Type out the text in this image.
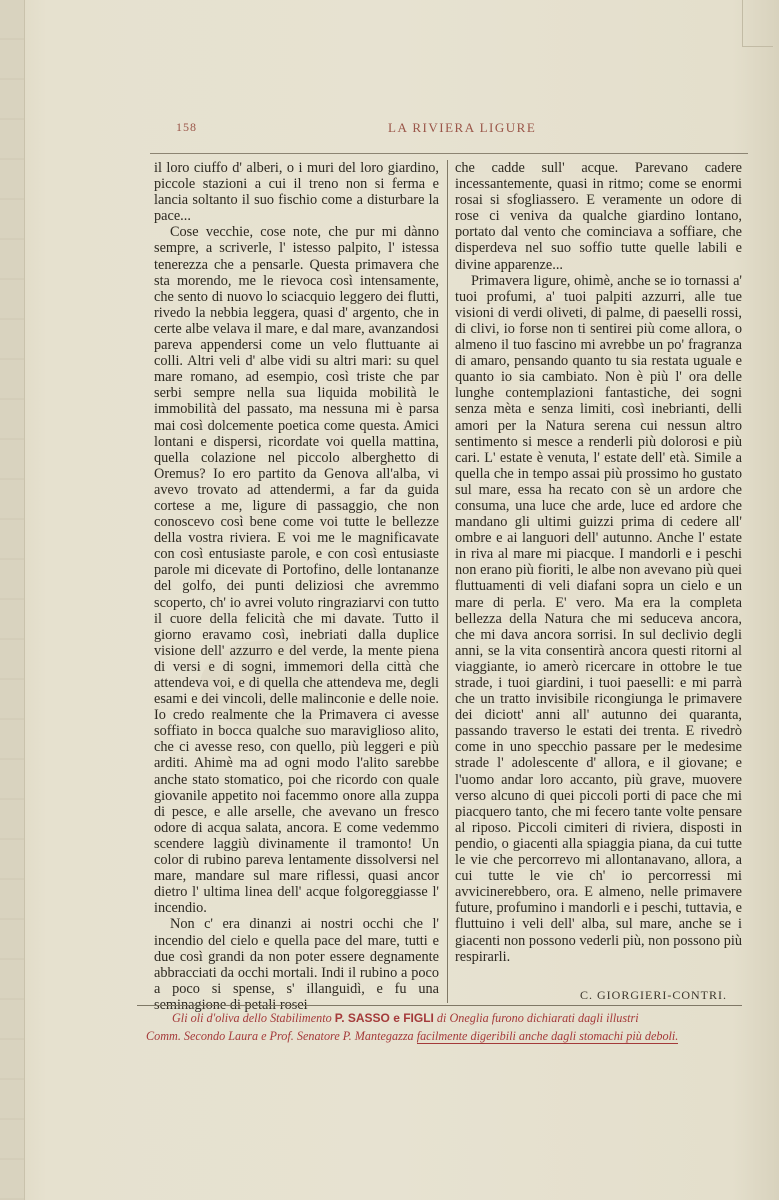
158	LA RIVIERA LIGURE

il loro ciuffo d' alberi, o i muri del loro giardino, piccole stazioni a cui il treno non si ferma e lancia soltanto il suo fischio come a disturbare la pace...

Cose vecchie, cose note, che pur mi dànno sempre, a scriverle, l' istesso palpito, l' istessa tenerezza che a pensarle. Questa primavera che sta morendo, me le rievoca così intensamente, che sento di nuovo lo sciacquio leggero dei flutti, rivedo la nebbia leggera, quasi d' argento, che in certe albe velava il mare, e dal mare, avanzandosi pareva appendersi come un velo fluttuante ai colli. Altri veli d' albe vidi su altri mari: su quel mare romano, ad esempio, così triste che par serbi sempre nella sua liquida mobilità le immobilità del passato, ma nessuna mi è parsa mai così dolcemente poetica come questa. Amici lontani e dispersi, ricordate voi quella mattina, quella colazione nel piccolo alberghetto di Oremus? Io ero partito da Genova all'alba, vi avevo trovato ad attendermi, a far da guida cortese a me, ligure di passaggio, che non conoscevo così bene come voi tutte le bellezze della vostra riviera. E voi me le magnificavate con così entusiaste parole, e con così entusiaste parole mi dicevate di Portofino, delle lontananze del golfo, dei punti deliziosi che avremmo scoperto, ch' io avrei voluto ringraziarvi con tutto il cuore della felicità che mi davate. Tutto il giorno eravamo così, inebriati dalla duplice visione dell' azzurro e del verde, la mente piena di versi e di sogni, immemori della città che attendeva voi, e di quella che attendeva me, degli esami e dei vincoli, delle malinconie e delle noie. Io credo realmente che la Primavera ci avesse soffiato in bocca qualche suo maraviglioso alito, che ci avesse reso, con quello, più leggeri e più arditi. Ahimè ma ad ogni modo l'alito sarebbe anche stato stomatico, poi che ricordo con quale giovanile appetito noi facemmo onore alla zuppa di pesce, e alle arselle, che avevano un fresco odore di acqua salata, ancora. E come vedemmo scendere laggiù divinamente il tramonto! Un color di rubino pareva lentamente dissolversi nel mare, mandare sul mare riflessi, quasi ancor dietro l' ultima linea dell' acque folgoreggiasse l' incendio.

Non c' era dinanzi ai nostri occhi che l' incendio del cielo e quella pace del mare, tutti e due così grandi da non poter essere degnamente abbracciati da occhi mortali. Indi il rubino a poco a poco si spense, s' illanguidì, e fu una seminagione di petali rosei

che cadde sull' acque. Parevano cadere incessantemente, quasi in ritmo; come se enormi rosai si sfogliassero. E veramente un odore di rose ci veniva da qualche giardino lontano, portato dal vento che cominciava a soffiare, che disperdeva nel suo soffio tutte quelle labili e divine apparenze...

Primavera ligure, ohimè, anche se io tornassi a' tuoi profumi, a' tuoi palpiti azzurri, alle tue visioni di verdi oliveti, di palme, di paeselli rossi, di clivi, io forse non ti sentirei più come allora, o almeno il tuo fascino mi avrebbe un po' fragranza di amaro, pensando quanto tu sia restata uguale e quanto io sia cambiato. Non è più l' ora delle lunghe contemplazioni fantastiche, dei sogni senza mèta e senza limiti, così inebrianti, delli amori per la Natura serena cui nessun altro sentimento si mesce a renderli più dolorosi e più cari. L' estate è venuta, l' estate dell' età. Simile a quella che in tempo assai più prossimo ho gustato sul mare, essa ha recato con sè un ardore che consuma, una luce che arde, luce ed ardore che mandano gli ultimi guizzi prima di cedere all' ombre e ai languori dell' autunno. Anche l' estate in riva al mare mi piacque. I mandorli e i peschi non erano più fioriti, le albe non avevano più quei fluttuamenti di veli diafani sopra un cielo e un mare di perla. E' vero. Ma era la completa bellezza della Natura che mi seduceva ancora, che mi dava ancora sorrisi. In sul declivio degli anni, se la vita consentirà ancora questi ritorni al viaggiante, io amerò ricercare in ottobre le tue strade, i tuoi giardini, i tuoi paeselli: e mi parrà che un tratto invisibile ricongiunga le primavere dei diciott' anni all' autunno dei quaranta, passando traverso le estati dei trenta. E rivedrò come in uno specchio passare per le medesime strade l' adolescente d' allora, e il giovane; e l'uomo andar loro accanto, più grave, muovere verso alcuno di quei piccoli porti di pace che mi piacquero tanto, che mi fecero tante volte pensare al riposo. Piccoli cimiteri di riviera, disposti in pendio, o giacenti alla spiaggia piana, da cui tutte le vie che percorrevo mi allontanavano, allora, a cui tutte le vie ch' io percorressi mi avvicinerebbero, ora. E almeno, nelle primavere future, profumino i mandorli e i peschi, tuttavia, e fluttuino i veli dell' alba, sul mare, anche se i giacenti non possono vederli più, non possono più respirarli.

C. GIORGIERI-CONTRI.
Gli oli d'oliva dello Stabilimento P. SASSO e FIGLI di Oneglia furono dichiarati dagli illustri
Comm. Secondo Laura e Prof. Senatore P. Mantegazza facilmente digeribili anche dagli stomachi più deboli.
